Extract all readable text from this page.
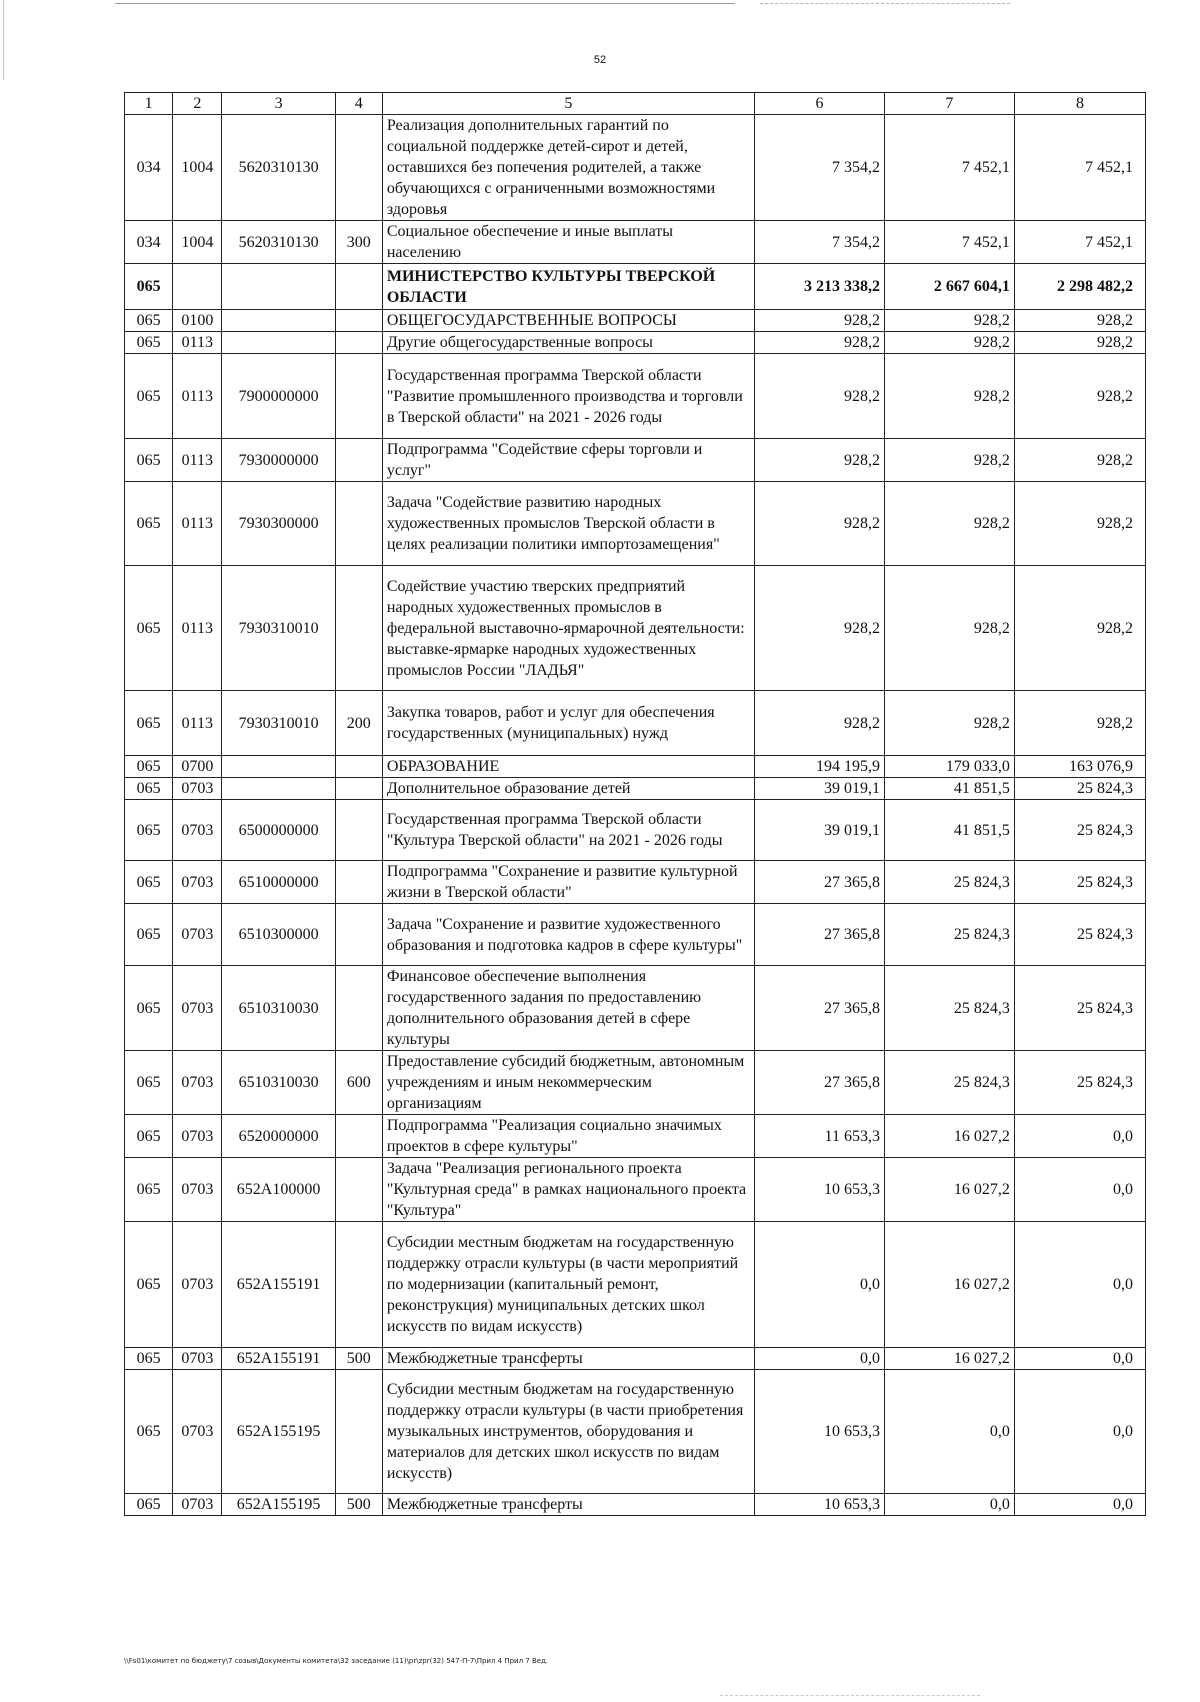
52
1	2	3	4	5	6	7	8
034	1004	5620310130		Реализация дополнительных гарантий по социальной поддержке детей-сирот и детей, оставшихся без попечения родителей, а также обучающихся с ограниченными возможностями здоровья	7 354,2	7 452,1	7 452,1
034	1004	5620310130	300	Социальное обеспечение и иные выплаты населению	7 354,2	7 452,1	7 452,1
065				МИНИСТЕРСТВО КУЛЬТУРЫ ТВЕРСКОЙ ОБЛАСТИ	3 213 338,2	2 667 604,1	2 298 482,2
065	0100			ОБЩЕГОСУДАРСТВЕННЫЕ ВОПРОСЫ	928,2	928,2	928,2
065	0113			Другие общегосударственные вопросы	928,2	928,2	928,2
065	0113	7900000000		Государственная программа Тверской области "Развитие промышленного производства и торговли в Тверской области" на 2021 - 2026 годы	928,2	928,2	928,2
065	0113	7930000000		Подпрограмма "Содействие сферы торговли и услуг"	928,2	928,2	928,2
065	0113	7930300000		Задача "Содействие развитию народных художественных промыслов Тверской области в целях реализации политики импортозамещения"	928,2	928,2	928,2
065	0113	7930310010		Содействие участию тверских предприятий народных художественных промыслов в федеральной выставочно-ярмарочной деятельности: выставке-ярмарке народных художественных промыслов России "ЛАДЬЯ"	928,2	928,2	928,2
065	0113	7930310010	200	Закупка товаров, работ и услуг для обеспечения государственных (муниципальных) нужд	928,2	928,2	928,2
065	0700			ОБРАЗОВАНИЕ	194 195,9	179 033,0	163 076,9
065	0703			Дополнительное образование детей	39 019,1	41 851,5	25 824,3
065	0703	6500000000		Государственная программа Тверской области "Культура Тверской области" на 2021 - 2026 годы	39 019,1	41 851,5	25 824,3
065	0703	6510000000		Подпрограмма "Сохранение и развитие культурной жизни в Тверской области"	27 365,8	25 824,3	25 824,3
065	0703	6510300000		Задача "Сохранение и развитие художественного образования и подготовка кадров в сфере культуры"	27 365,8	25 824,3	25 824,3
065	0703	6510310030		Финансовое обеспечение выполнения государственного задания по предоставлению дополнительного образования детей в сфере культуры	27 365,8	25 824,3	25 824,3
065	0703	6510310030	600	Предоставление субсидий бюджетным, автономным учреждениям и иным некоммерческим организациям	27 365,8	25 824,3	25 824,3
065	0703	6520000000		Подпрограмма "Реализация социально значимых проектов в сфере культуры"	11 653,3	16 027,2	0,0
065	0703	652A100000		Задача "Реализация регионального проекта "Культурная среда" в рамках национального проекта "Культура"	10 653,3	16 027,2	0,0
065	0703	652A155191		Субсидии местным бюджетам на государственную поддержку отрасли культуры (в части мероприятий по модернизации (капитальный ремонт, реконструкция) муниципальных детских школ искусств по видам искусств)	0,0	16 027,2	0,0
065	0703	652A155191	500	Межбюджетные трансферты	0,0	16 027,2	0,0
065	0703	652A155195		Субсидии местным бюджетам на государственную поддержку отрасли культуры (в части приобретения музыкальных инструментов, оборудования и материалов для детских школ искусств по видам искусств)	10 653,3	0,0	0,0
065	0703	652A155195	500	Межбюджетные трансферты	10 653,3	0,0	0,0
\\Fs01\комитет по бюджету\7 созыв\Документы комитета\32 заседание (11)\pr\zpr(32) 547-П-7\Прил 4 Прил 7 Вед.
